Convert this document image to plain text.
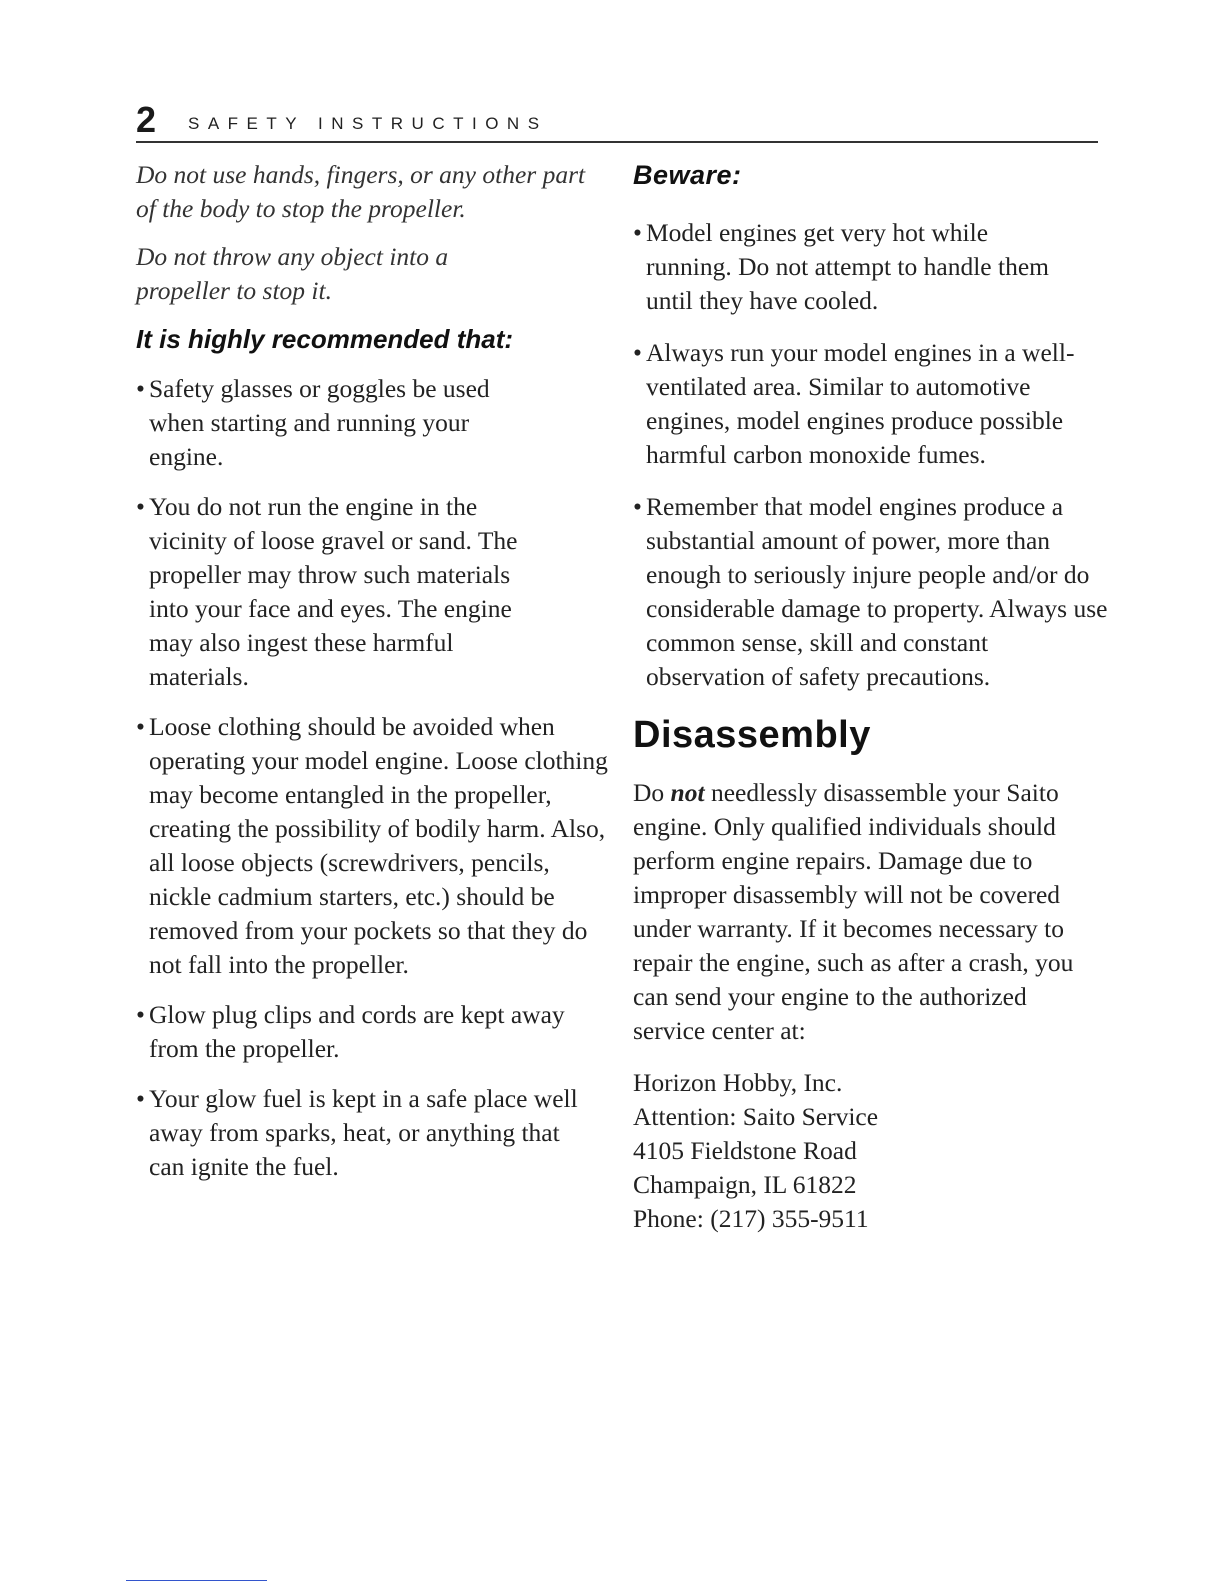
2 SAFETY INSTRUCTIONS

Do not use hands, fingers, or any other part of the body to stop the propeller.

Do not throw any object into a propeller to stop it.

It is highly recommended that:
• Safety glasses or goggles be used when starting and running your engine.
• You do not run the engine in the vicinity of loose gravel or sand. The propeller may throw such materials into your face and eyes. The engine may also ingest these harmful materials.
• Loose clothing should be avoided when operating your model engine. Loose clothing may become entangled in the propeller, creating the possibility of bodily harm. Also, all loose objects (screwdrivers, pencils, nickle cadmium starters, etc.) should be removed from your pockets so that they do not fall into the propeller.
• Glow plug clips and cords are kept away from the propeller.
• Your glow fuel is kept in a safe place well away from sparks, heat, or anything that can ignite the fuel.
Beware:
• Model engines get very hot while running. Do not attempt to handle them until they have cooled.
• Always run your model engines in a well-ventilated area. Similar to automotive engines, model engines produce possible harmful carbon monoxide fumes.
• Remember that model engines produce a substantial amount of power, more than enough to seriously injure people and/or do considerable damage to property. Always use common sense, skill and constant observation of safety precautions.
Disassembly

Do not needlessly disassemble your Saito engine. Only qualified individuals should perform engine repairs. Damage due to improper disassembly will not be covered under warranty. If it becomes necessary to repair the engine, such as after a crash, you can send your engine to the authorized service center at:

Horizon Hobby, Inc.

Attention: Saito Service

4105 Fieldstone Road

Champaign, IL 61822

Phone: (217) 355-9511
